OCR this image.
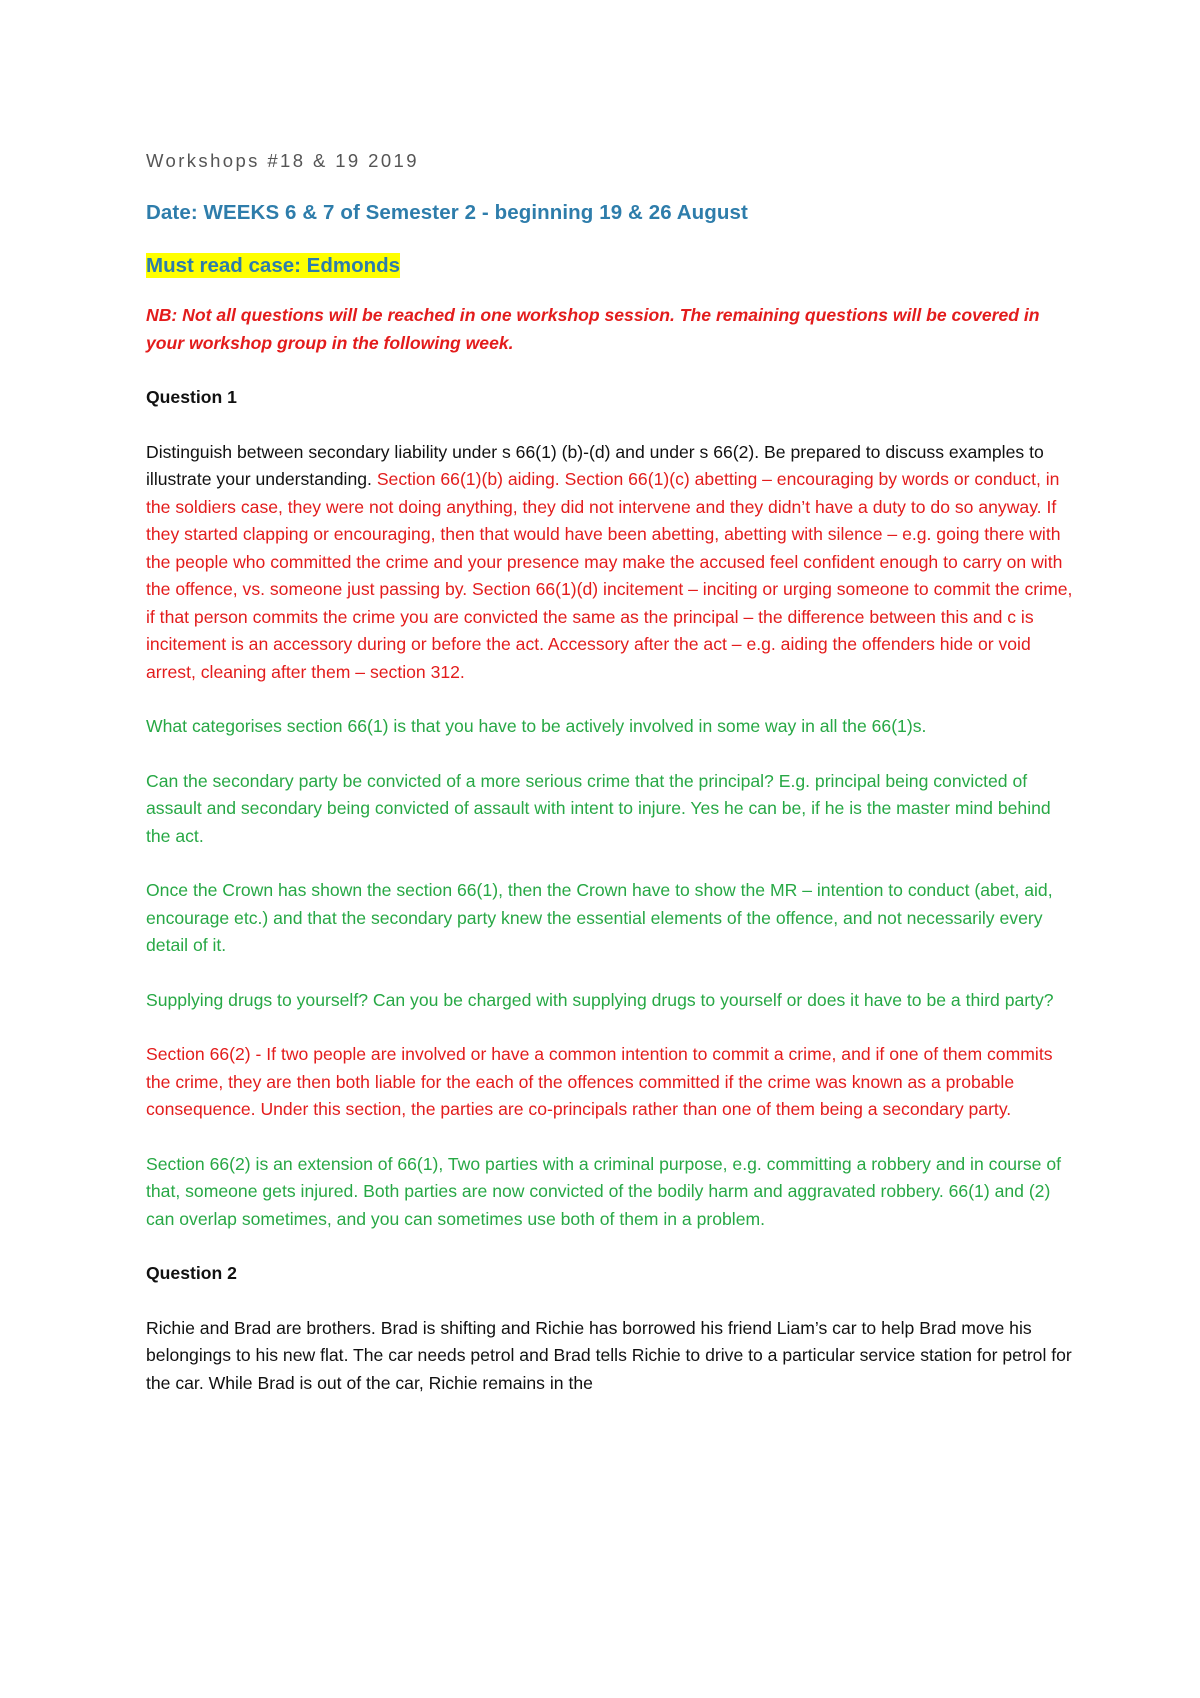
Workshops #18 & 19 2019

Date: WEEKS 6 & 7 of Semester 2 - beginning 19 & 26 August

Must read case: Edmonds

NB: Not all questions will be reached in one workshop session. The remaining questions will be covered in your workshop group in the following week.

Question 1

Distinguish between secondary liability under s 66(1) (b)-(d) and under s 66(2). Be prepared to discuss examples to illustrate your understanding. Section 66(1)(b) aiding. Section 66(1)(c) abetting – encouraging by words or conduct, in the soldiers case, they were not doing anything, they did not intervene and they didn’t have a duty to do so anyway. If they started clapping or encouraging, then that would have been abetting, abetting with silence – e.g. going there with the people who committed the crime and your presence may make the accused feel confident enough to carry on with the offence, vs. someone just passing by. Section 66(1)(d) incitement – inciting or urging someone to commit the crime, if that person commits the crime you are convicted the same as the principal – the difference between this and c is incitement is an accessory during or before the act. Accessory after the act – e.g. aiding the offenders hide or void arrest, cleaning after them – section 312.

What categorises section 66(1) is that you have to be actively involved in some way in all the 66(1)s.

Can the secondary party be convicted of a more serious crime that the principal? E.g. principal being convicted of assault and secondary being convicted of assault with intent to injure. Yes he can be, if he is the master mind behind the act.

Once the Crown has shown the section 66(1), then the Crown have to show the MR – intention to conduct (abet, aid, encourage etc.) and that the secondary party knew the essential elements of the offence, and not necessarily every detail of it.

Supplying drugs to yourself? Can you be charged with supplying drugs to yourself or does it have to be a third party?

Section 66(2) - If two people are involved or have a common intention to commit a crime, and if one of them commits the crime, they are then both liable for the each of the offences committed if the crime was known as a probable consequence. Under this section, the parties are co-principals rather than one of them being a secondary party.

Section 66(2) is an extension of 66(1), Two parties with a criminal purpose, e.g. committing a robbery and in course of that, someone gets injured. Both parties are now convicted of the bodily harm and aggravated robbery. 66(1) and (2) can overlap sometimes, and you can sometimes use both of them in a problem.

Question 2

Richie and Brad are brothers. Brad is shifting and Richie has borrowed his friend Liam’s car to help Brad move his belongings to his new flat. The car needs petrol and Brad tells Richie to drive to a particular service station for petrol for the car. While Brad is out of the car, Richie remains in the
